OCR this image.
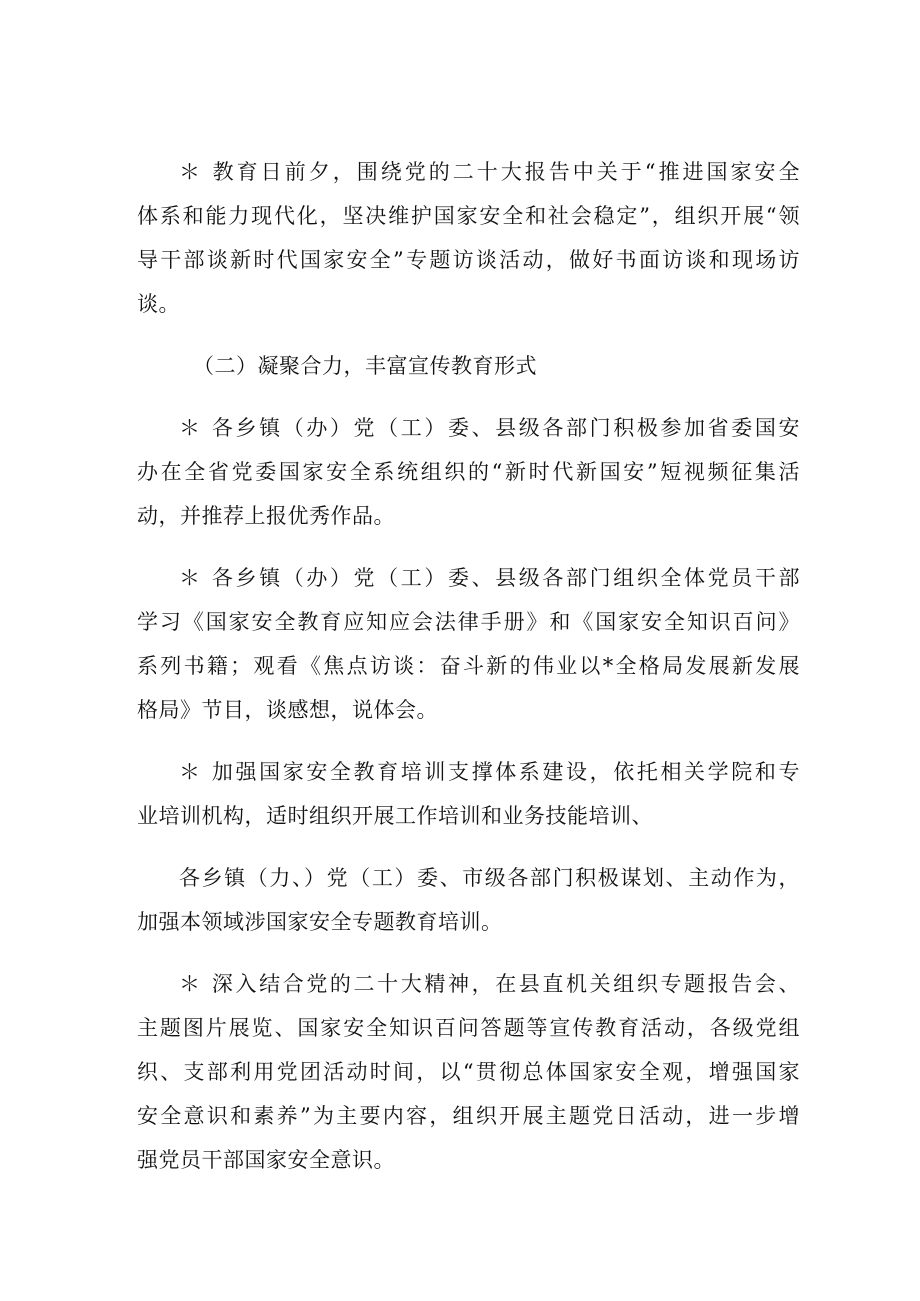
＊ 教育日前夕，围绕党的二十大报告中关于“推进国家安全
体系和能力现代化，坚决维护国家安全和社会稳定”，组织开展“领
导干部谈新时代国家安全”专题访谈活动，做好书面访谈和现场访
谈。
（二）凝聚合力，丰富宣传教育形式
＊ 各乡镇（办）党（工）委、县级各部门积极参加省委国安
办在全省党委国家安全系统组织的“新时代新国安”短视频征集活
动，并推荐上报优秀作品。
＊ 各乡镇（办）党（工）委、县级各部门组织全体党员干部
学习《国家安全教育应知应会法律手册》和《国家安全知识百问》
系列书籍；观看《焦点访谈：奋斗新的伟业以*全格局发展新发展
格局》节目，谈感想，说体会。
＊ 加强国家安全教育培训支撑体系建设，依托相关学院和专
业培训机构，适时组织开展工作培训和业务技能培训、
各乡镇（力、）党（工）委、市级各部门积极谋划、主动作为，
加强本领域涉国家安全专题教育培训。
＊ 深入结合党的二十大精神，在县直机关组织专题报告会、
主题图片展览、国家安全知识百问答题等宣传教育活动，各级党组
织、支部利用党团活动时间，以“贯彻总体国家安全观，增强国家
安全意识和素养”为主要内容，组织开展主题党日活动，进一步增
强党员干部国家安全意识。
